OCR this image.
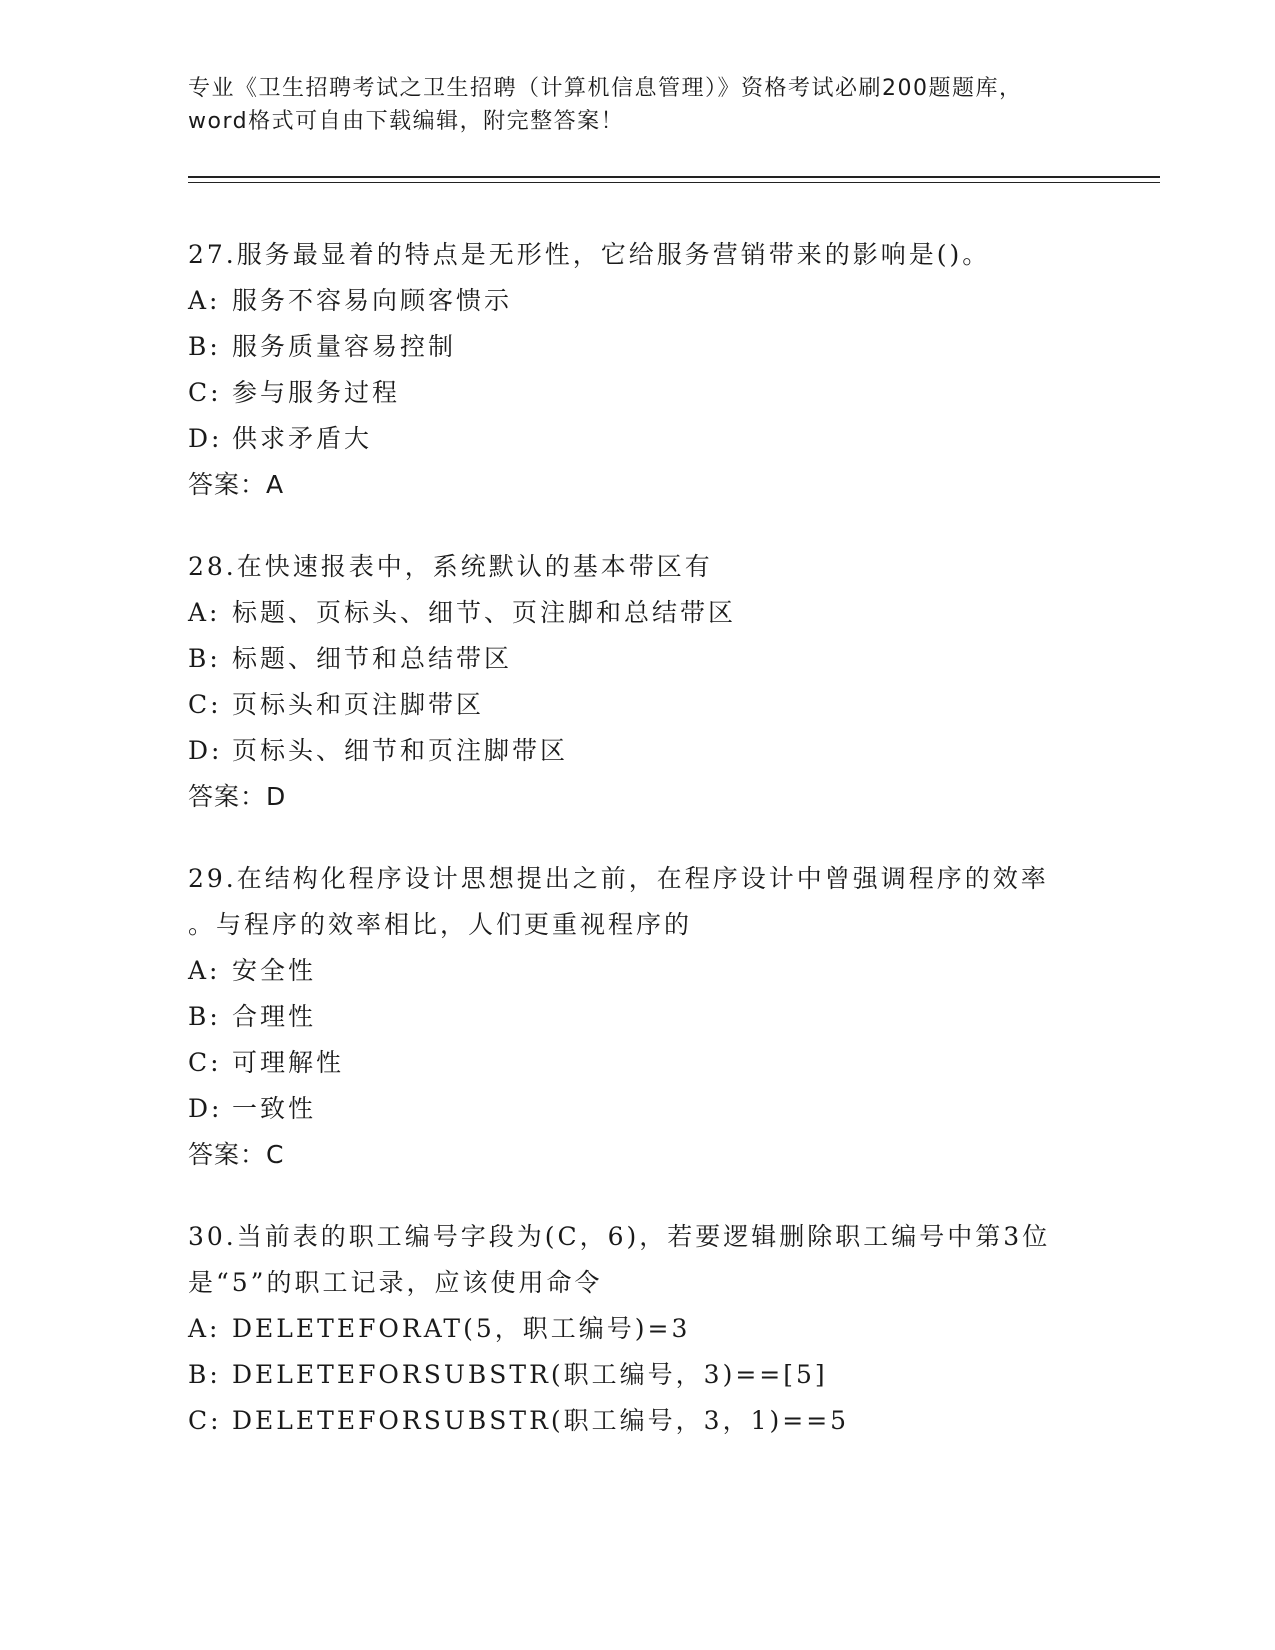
专业《卫生招聘考试之卫生招聘（计算机信息管理）》资格考试必刷200题题库，
word格式可自由下载编辑，附完整答案！
27.服务最显着的特点是无形性，它给服务营销带来的影响是()。
A: 服务不容易向顾客愦示
B: 服务质量容易控制
C: 参与服务过程
D: 供求矛盾大
答案：A
28.在快速报表中，系统默认的基本带区有
A: 标题、页标头、细节、页注脚和总结带区
B: 标题、细节和总结带区
C: 页标头和页注脚带区
D: 页标头、细节和页注脚带区
答案：D
29.在结构化程序设计思想提出之前，在程序设计中曾强调程序的效率
。与程序的效率相比，人们更重视程序的
A: 安全性
B: 合理性
C: 可理解性
D: 一致性
答案：C
30.当前表的职工编号字段为(C，6)，若要逻辑删除职工编号中第3位
是“5”的职工记录，应该使用命令
A: DELETEFORAT(5，职工编号)=3
B: DELETEFORSUBSTR(职工编号，3)==[5]
C: DELETEFORSUBSTR(职工编号，3，1)==5
